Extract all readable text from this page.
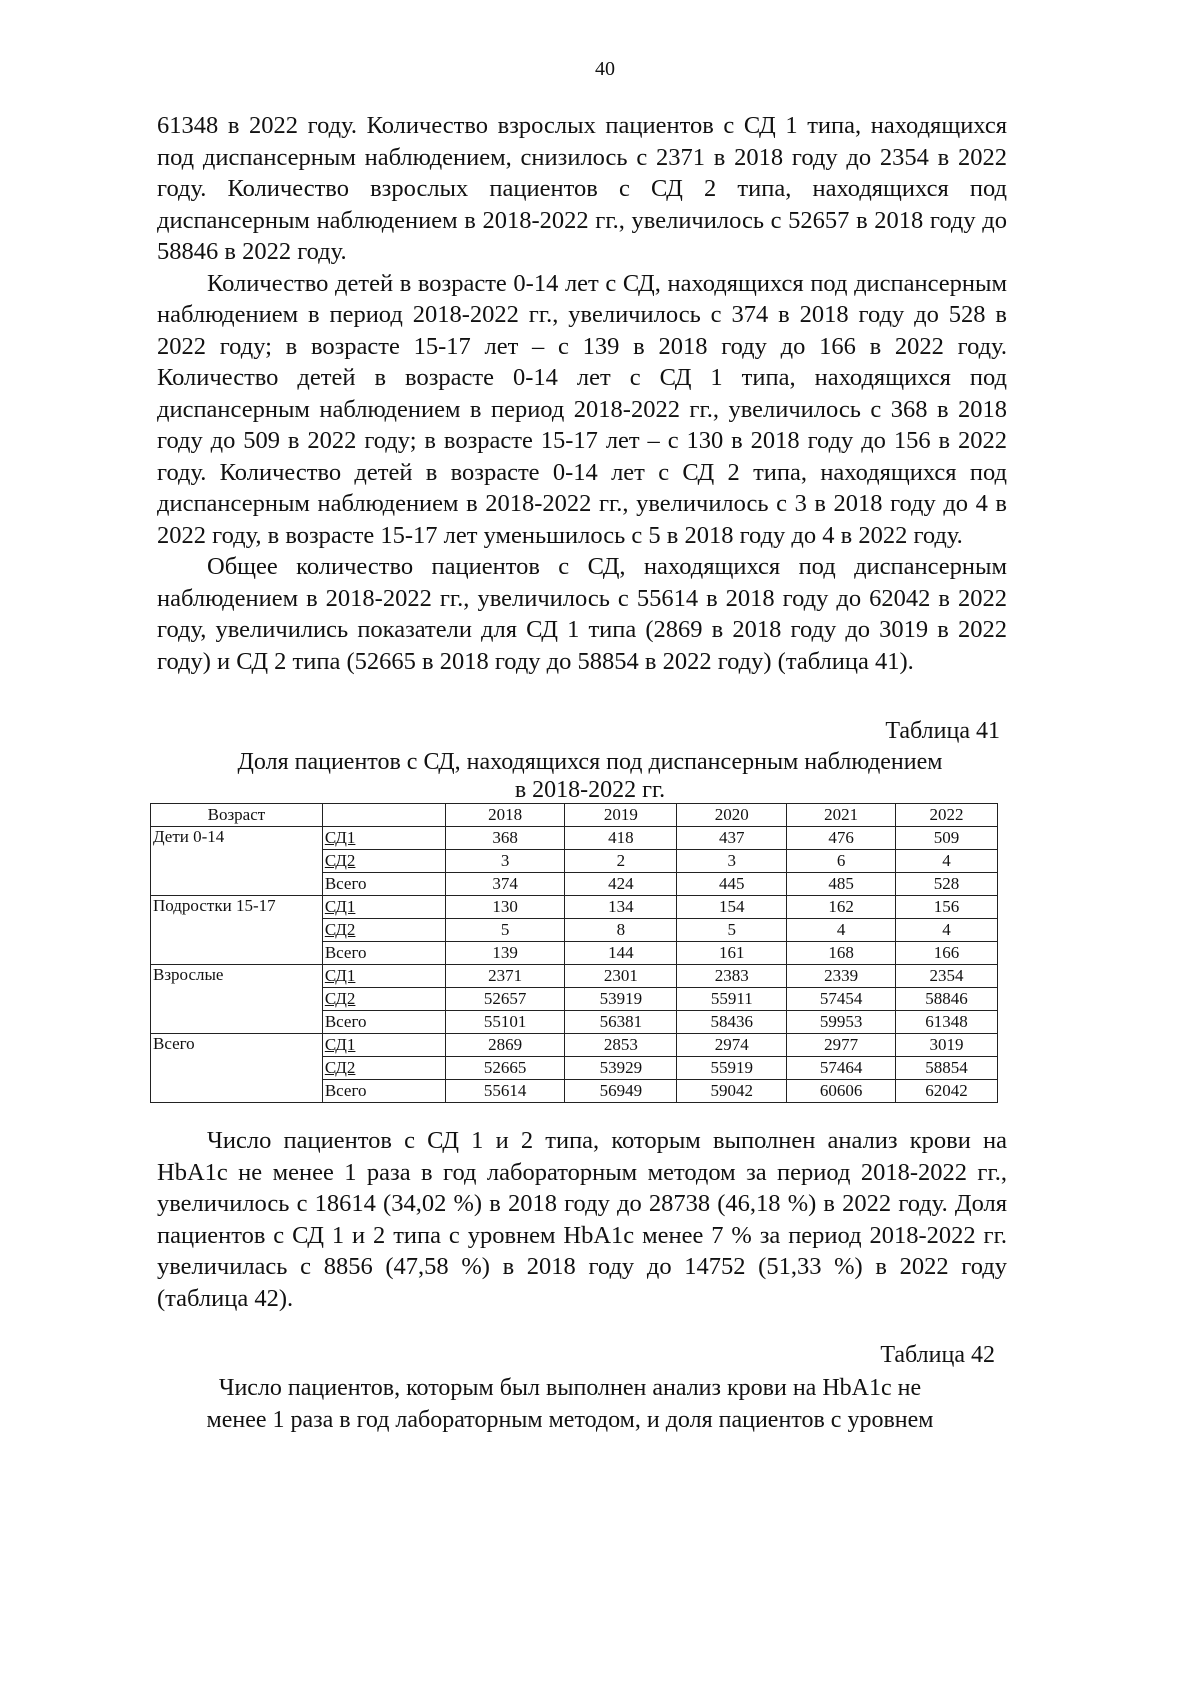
40

61348 в 2022 году. Количество взрослых пациентов с СД 1 типа, находящихся под диспансерным наблюдением, снизилось с 2371 в 2018 году до 2354 в 2022 году. Количество взрослых пациентов с СД 2 типа, находящихся под диспансерным наблюдением в 2018-2022 гг., увеличилось с 52657 в 2018 году до 58846 в 2022 году.

Количество детей в возрасте 0-14 лет с СД, находящихся под диспансерным наблюдением в период 2018-2022 гг., увеличилось с 374 в 2018 году до 528 в 2022 году; в возрасте 15-17 лет – с 139 в 2018 году до 166 в 2022 году. Количество детей в возрасте 0-14 лет с СД 1 типа, находящихся под диспансерным наблюдением в период 2018-2022 гг., увеличилось с 368 в 2018 году до 509 в 2022 году; в возрасте 15-17 лет – с 130 в 2018 году до 156 в 2022 году. Количество детей в возрасте 0-14 лет с СД 2 типа, находящихся под диспансерным наблюдением в 2018-2022 гг., увеличилось с 3 в 2018 году до 4 в 2022 году, в возрасте 15-17 лет уменьшилось с 5 в 2018 году до 4 в 2022 году.

Общее количество пациентов с СД, находящихся под диспансерным наблюдением в 2018-2022 гг., увеличилось с 55614 в 2018 году до 62042 в 2022 году, увеличились показатели для СД 1 типа (2869 в 2018 году до 3019 в 2022 году) и СД 2 типа (52665 в 2018 году до 58854 в 2022 году) (таблица 41).

Таблица 41
Доля пациентов с СД, находящихся под диспансерным наблюдением
в 2018-2022 гг.
Возраст		2018	2019	2020	2021	2022
Дети 0-14	СД1	368	418	437	476	509
	СД2	3	2	3	6	4
	Всего	374	424	445	485	528
Подростки 15-17	СД1	130	134	154	162	156
	СД2	5	8	5	4	4
	Всего	139	144	161	168	166
Взрослые	СД1	2371	2301	2383	2339	2354
	СД2	52657	53919	55911	57454	58846
	Всего	55101	56381	58436	59953	61348
Всего	СД1	2869	2853	2974	2977	3019
	СД2	52665	53929	55919	57464	58854
	Всего	55614	56949	59042	60606	62042

Число пациентов с СД 1 и 2 типа, которым выполнен анализ крови на HbA1c не менее 1 раза в год лабораторным методом за период 2018-2022 гг., увеличилось с 18614 (34,02 %) в 2018 году до 28738 (46,18 %) в 2022 году. Доля пациентов с СД 1 и 2 типа с уровнем HbA1c менее 7 % за период 2018-2022 гг. увеличилась с 8856 (47,58 %) в 2018 году до 14752 (51,33 %) в 2022 году (таблица 42).

Таблица 42
Число пациентов, которым был выполнен анализ крови на HbA1c не
менее 1 раза в год лабораторным методом, и доля пациентов с уровнем
